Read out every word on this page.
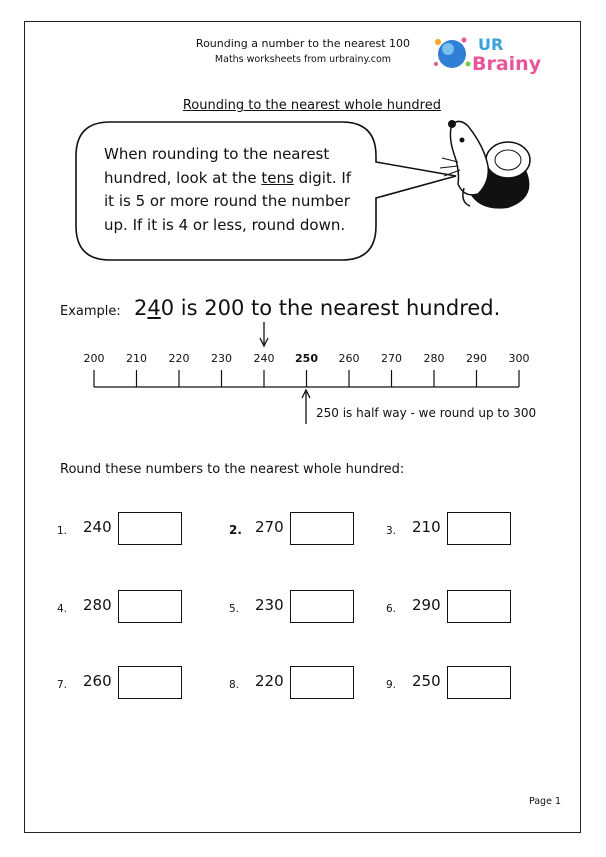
Rounding a number to the nearest 100
Maths worksheets from urbrainy.com
UR
Brainy
Rounding to the nearest whole hundred
When rounding to the nearest
hundred, look at the tens digit. If
it is 5 or more round the number
up. If it is 4 or less, round down.
Example: 240 is 200 to the nearest hundred.
200	210	220	230	240	250	260	270	280	290	300
250 is half way - we round up to 300
Round these numbers to the nearest whole hundred:
1. 240	2. 270	3. 210
4. 280	5. 230	6. 290
7. 260	8. 220	9. 250
Page 1
